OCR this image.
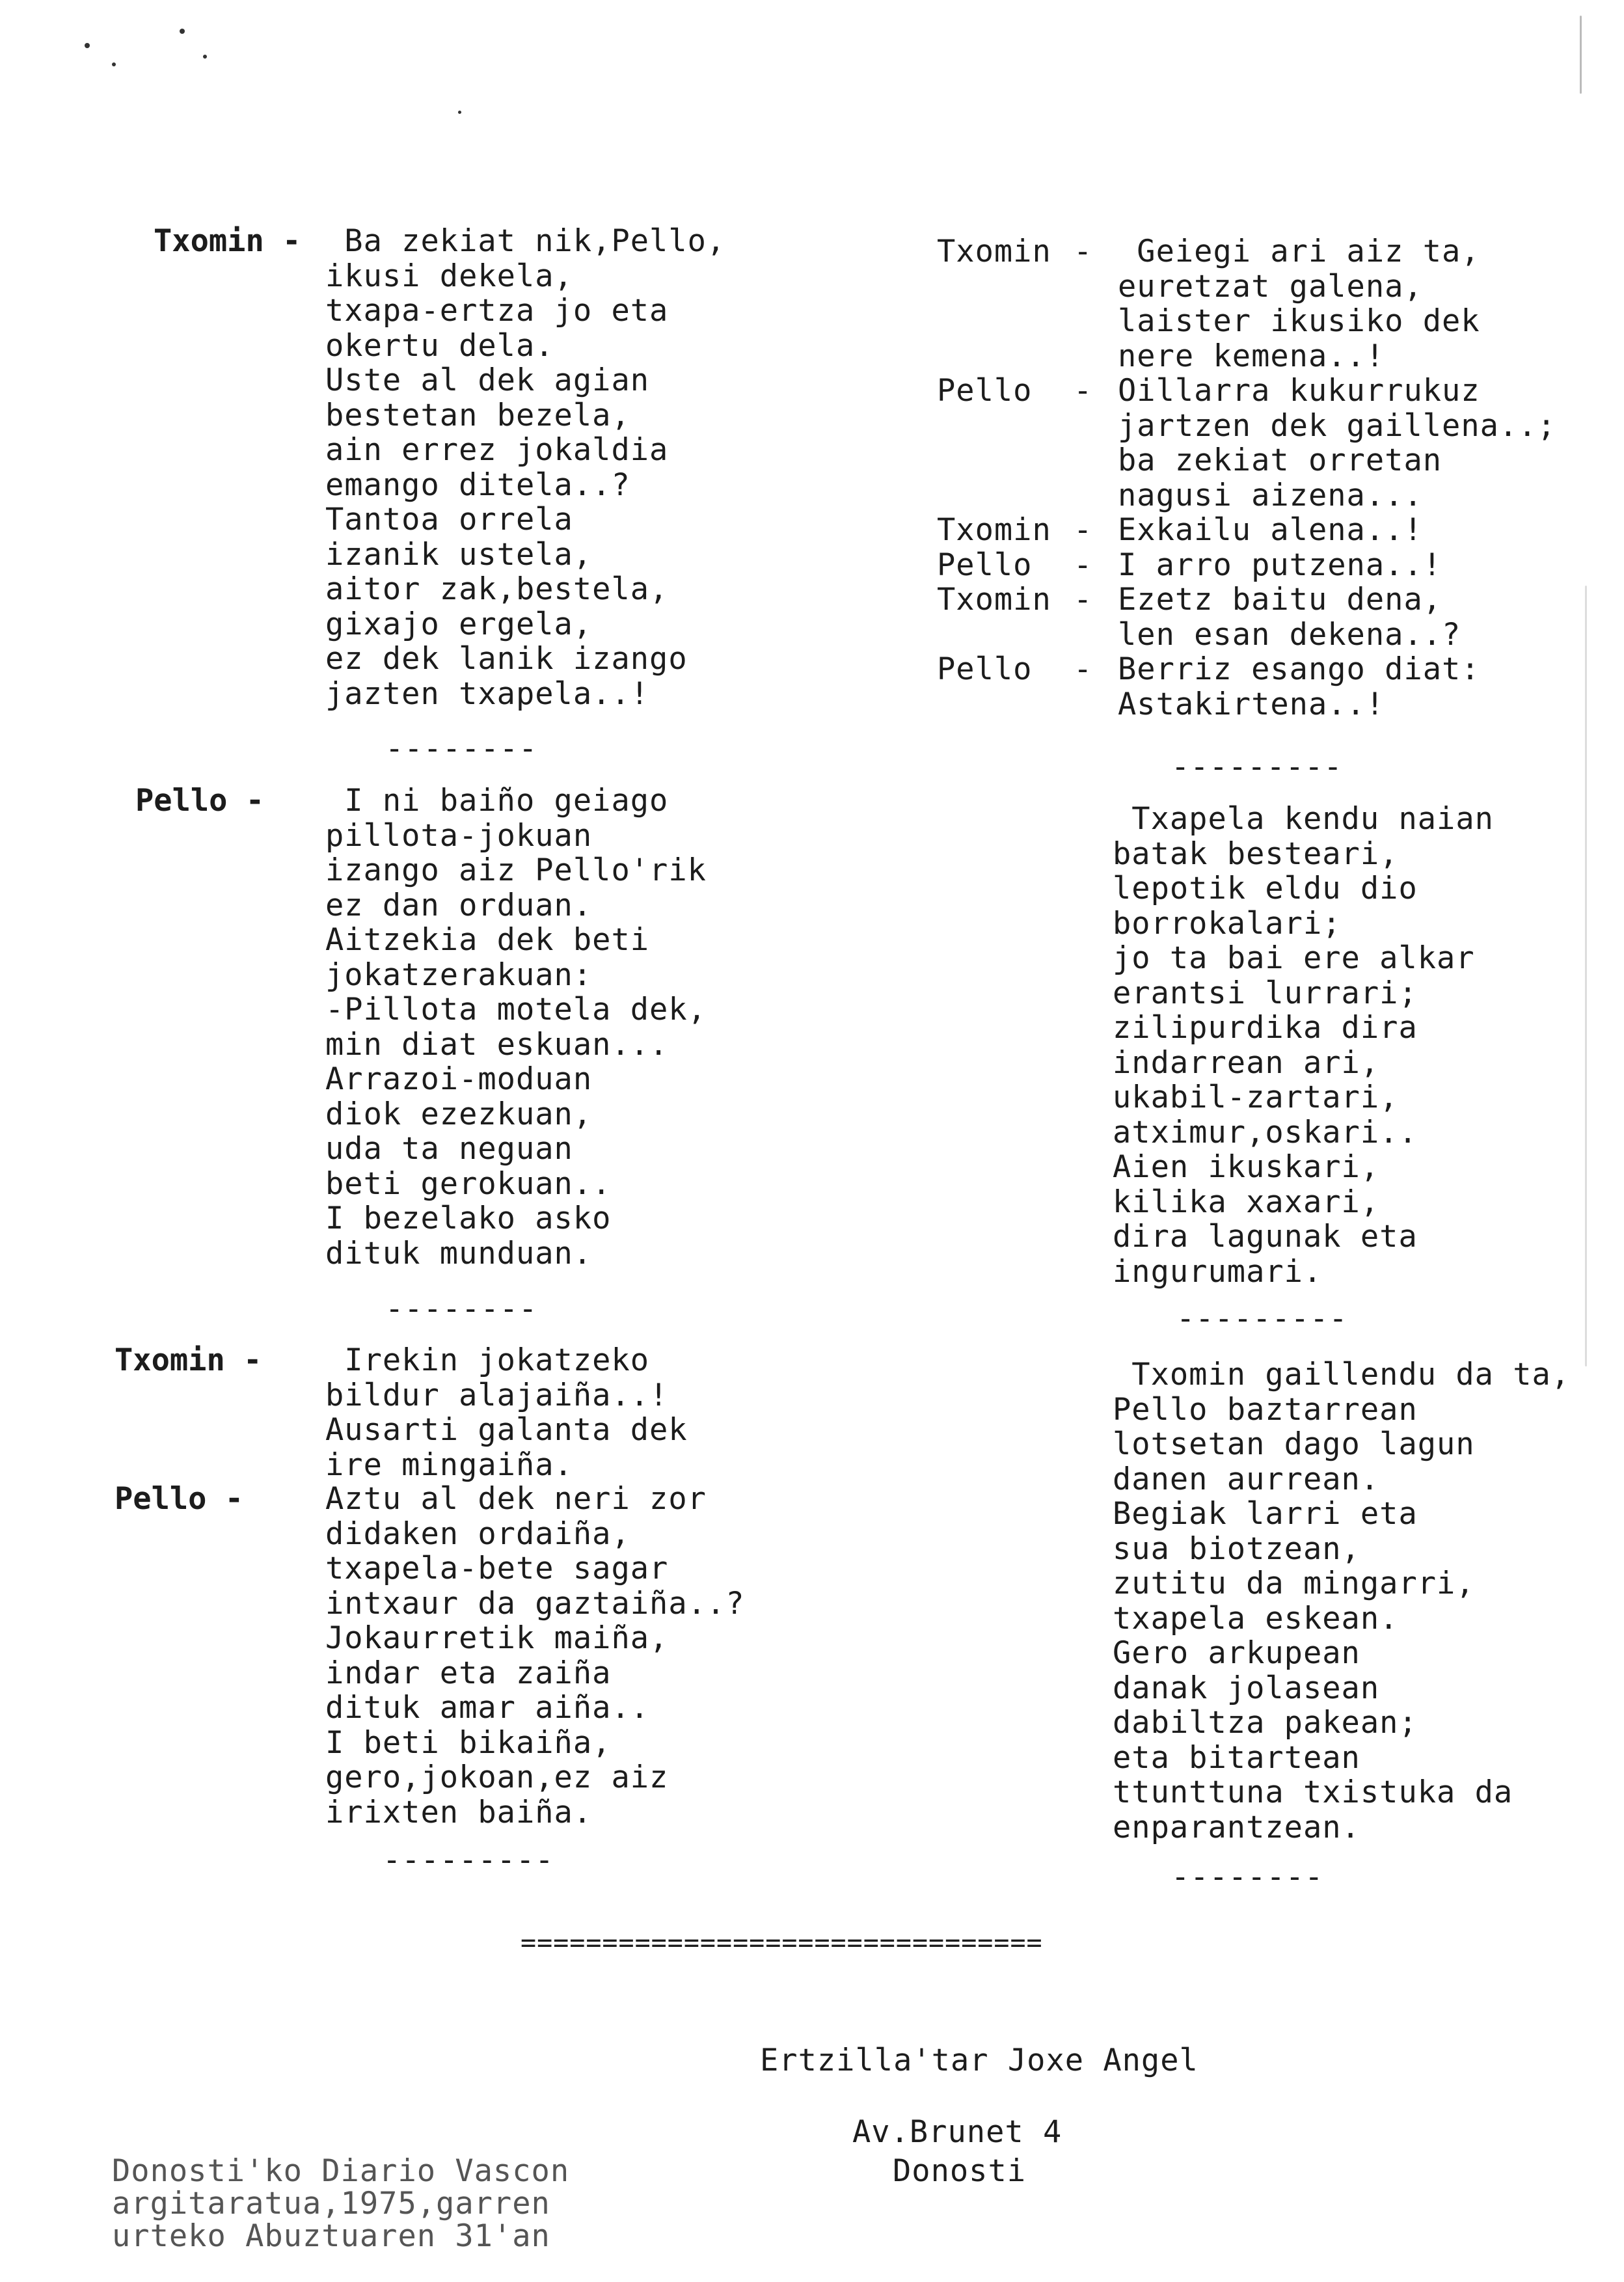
Txomin - Ba zekiat nik,Pello,
ikusi dekela,
txapa-ertza jo eta
okertu dela.
Uste al dek agian
bestetan bezela,
ain errez jokaldia
emango ditela..?
Tantoa orrela
izanik ustela,
aitor zak,bestela,
gixajo ergela,
ez dek lanik izango
jazten txapela..!
--------
Pello - I ni baiño geiago
pillota-jokuan
izango aiz Pello'rik
ez dan orduan.
Aitzekia dek beti
jokatzerakuan:
-Pillota motela dek,
min diat eskuan...
Arrazoi-moduan
diok ezezkuan,
uda ta neguan
beti gerokuan..
I bezelako asko
dituk munduan.
--------
Txomin - Irekin jokatzeko
bildur alajaiña..!
Ausarti galanta dek
ire mingaiña.
Pello -	Aztu al dek neri zor
didaken ordaiña,
txapela-bete sagar
intxaur da gaztaiña..?
Jokaurretik maiña,
indar eta zaiña
dituk amar aiña..
I beti bikaiña,
gero,jokoan,ez aiz
irixten baiña.
---------
Txomin - Geiegi ari aiz ta,
euretzat galena,
laister ikusiko dek
nere kemena..!
Pello - Oillarra kukurrukuz
jartzen dek gaillena..;
ba zekiat orretan
nagusi aizena...
Txomin - Exkailu alena..!
Pello - I arro putzena..!
Txomin - Ezetz baitu dena,
len esan dekena..?
Pello - Berriz esango diat:
Astakirtena..!
---------
Txapela kendu naian
batak besteari,
lepotik eldu dio
borrokalari;
jo ta bai ere alkar
erantsi lurrari;
zilipurdika dira
indarrean ari,
ukabil-zartari,
atximur,oskari..
Aien ikuskari,
kilika xaxari,
dira lagunak eta
ingurumari.
---------
Txomin gaillendu da ta,
Pello baztarrean
lotsetan dago lagun
danen aurrean.
Begiak larri eta
sua biotzean,
zutitu da mingarri,
txapela eskean.
Gero arkupean
danak jolasean
dabiltza pakean;
eta bitartean
ttunttuna txistuka da
enparantzean.
--------
================================
Ertzilla'tar Joxe Angel
Av.Brunet 4
Donosti
Donosti'ko Diario Vascon
argitaratua,1975,garren
urteko Abuztuaren 31'an
